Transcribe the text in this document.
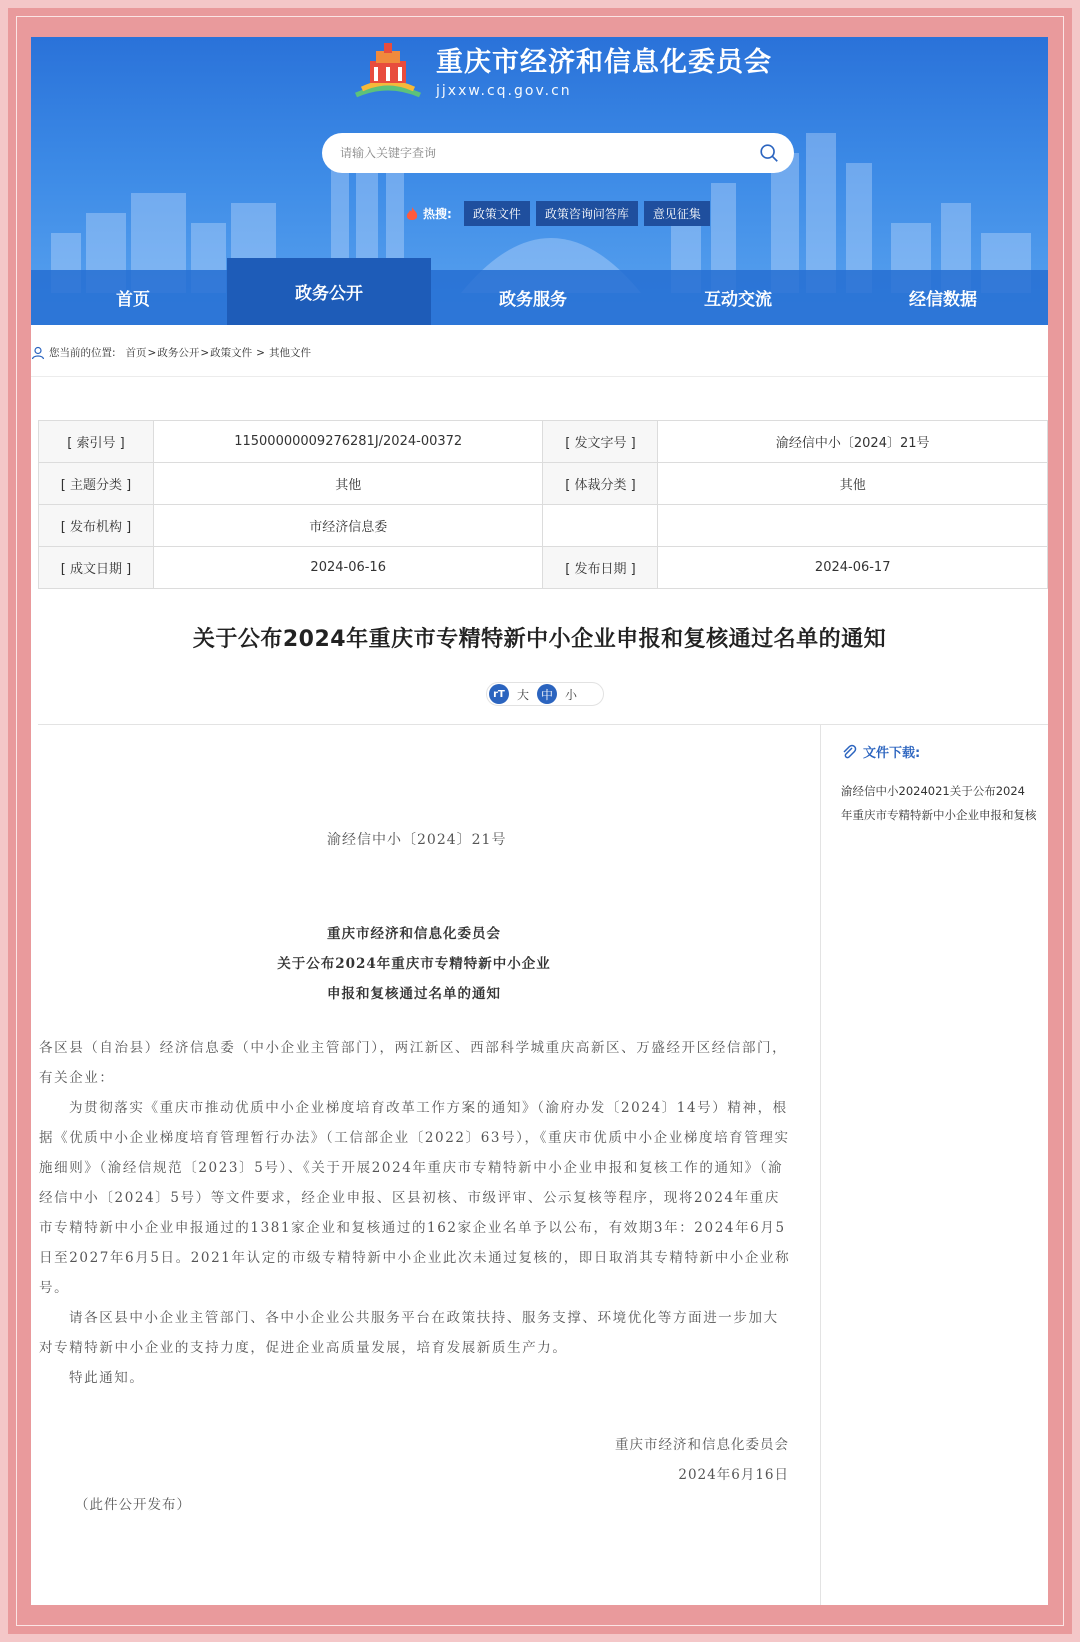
重庆市经济和信息化委员会
jjxxw.cq.gov.cn
请输入关键字查询
热搜:	政策文件	政策咨询问答库	意见征集
首页	政务公开	政务服务	互动交流	经信数据
您当前的位置: 首页 > 政务公开 > 政策文件 > 其他文件
[ 索引号 ]	11500000009276281J/2024-00372	[ 发文字号 ]	渝经信中小〔2024〕21号
[ 主题分类 ]	其他	[ 体裁分类 ]	其他
[ 发布机构 ]	市经济信息委		
[ 成文日期 ]	2024-06-16	[ 发布日期 ]	2024-06-17
关于公布2024年重庆市专精特新中小企业申报和复核通过名单的通知
rT	大 中	小
渝经信中小〔2024〕21号
重庆市经济和信息化委员会
关于公布2024年重庆市专精特新中小企业
申报和复核通过名单的通知
各区县（自治县）经济信息委（中小企业主管部门），两江新区、西部科学城重庆高新区、万盛经开区经信部门，有关企业：
为贯彻落实《重庆市推动优质中小企业梯度培育改革工作方案的通知》（渝府办发〔2024〕14号）精神，根据《优质中小企业梯度培育管理暂行办法》（工信部企业〔2022〕63号），《重庆市优质中小企业梯度培育管理实施细则》（渝经信规范〔2023〕5号）、《关于开展2024年重庆市专精特新中小企业申报和复核工作的通知》（渝经信中小〔2024〕5号）等文件要求，经企业申报、区县初核、市级评审、公示复核等程序，现将2024年重庆市专精特新中小企业申报通过的1381家企业和复核通过的162家企业名单予以公布，有效期3年：2024年6月5日至2027年6月5日。2021年认定的市级专精特新中小企业此次未通过复核的，即日取消其专精特新中小企业称号。
请各区县中小企业主管部门、各中小企业公共服务平台在政策扶持、服务支撑、环境优化等方面进一步加大对专精特新中小企业的支持力度，促进企业高质量发展，培育发展新质生产力。
特此通知。
重庆市经济和信息化委员会
2024年6月16日
（此件公开发布）
文件下载:
渝经信中小2024021关于公布2024
年重庆市专精特新中小企业申报和复核
